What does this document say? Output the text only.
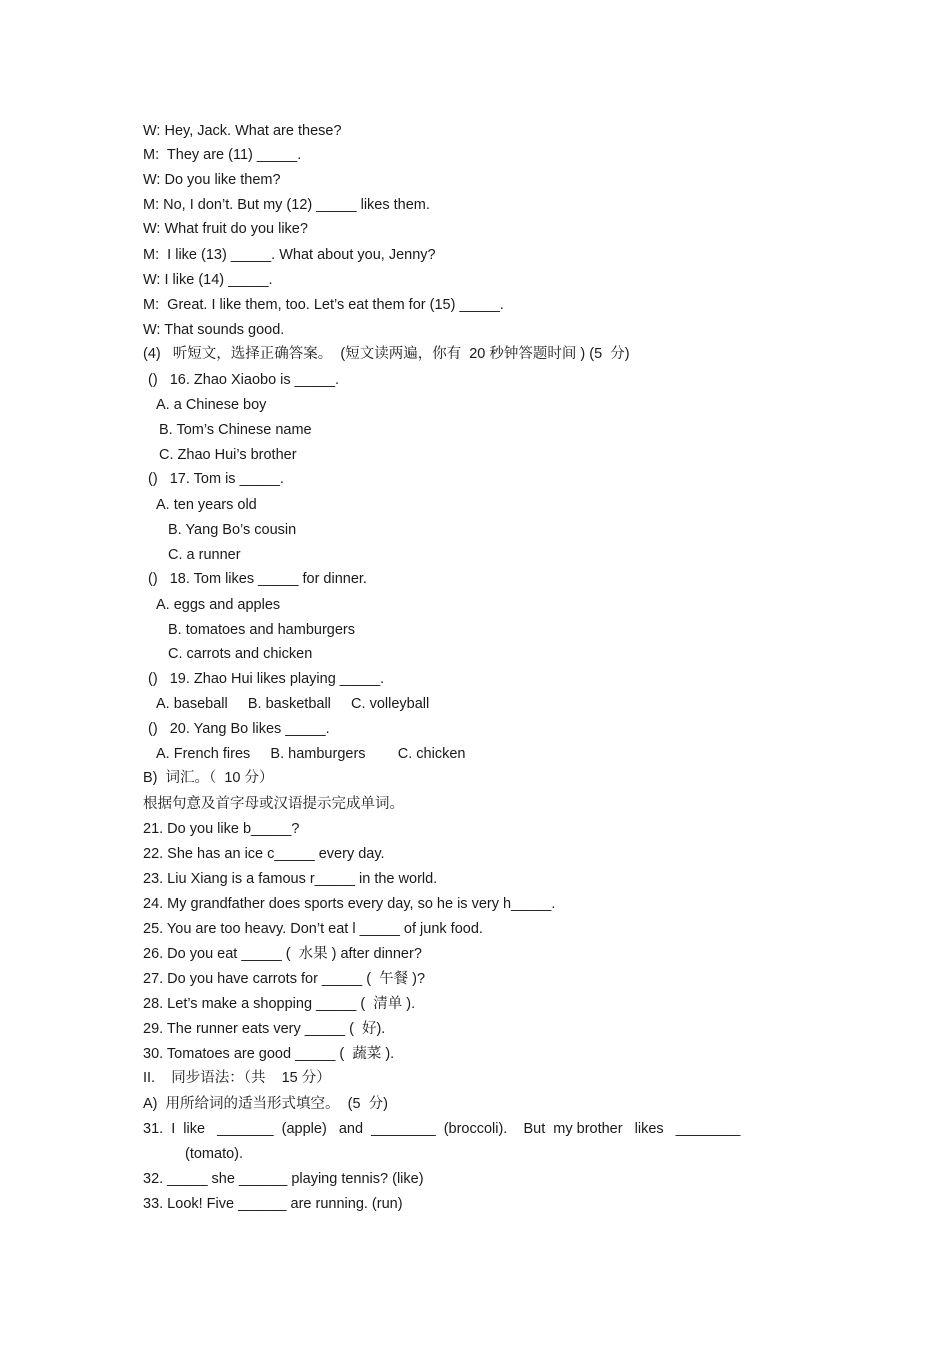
W: Hey, Jack. What are these?
M:  They are (11) _____.
W: Do you like them?
M: No, I don’t. But my (12) _____ likes them.
W: What fruit do you like?
M:  I like (13) _____. What about you, Jenny?
W: I like (14) _____.
M:  Great. I like them, too. Let’s eat them for (15) _____.
W: That sounds good.
(4)   听短文，选择正确答案。  (短文读两遍，你有  20 秒钟答题时间 ) (5  分)
()   16. Zhao Xiaobo is _____.
A. a Chinese boy
B. Tom’s Chinese name
C. Zhao Hui’s brother
()   17. Tom is _____.
A. ten years old
B. Yang Bo’s cousin
C. a runner
()   18. Tom likes _____ for dinner.
A. eggs and apples
B. tomatoes and hamburgers
C. carrots and chicken
()   19. Zhao Hui likes playing _____.
A. baseball     B. basketball     C. volleyball
()   20. Yang Bo likes _____.
A. French fires     B. hamburgers        C. chicken
B)  词汇。（  10 分）
根据句意及首字母或汉语提示完成单词。
21. Do you like b_____?
22. She has an ice c_____ every day.
23. Liu Xiang is a famous r_____ in the world.
24. My grandfather does sports every day, so he is very h_____.
25. You are too heavy. Don’t eat l _____ of junk food.
26. Do you eat _____ (  水果 ) after dinner?
27. Do you have carrots for _____ (  午餐 )?
28. Let’s make a shopping _____ (  清单 ).
29. The runner eats very _____ (  好).
30. Tomatoes are good _____ (  蔬菜 ).
II.    同步语法：（共    15 分）
A)  用所给词的适当形式填空。  (5  分)
31.  I  like   _______  (apple)   and  ________  (broccoli).    But  my brother   likes   ________
(tomato).
32. _____ she ______ playing tennis? (like)
33. Look! Five ______ are running. (run)
